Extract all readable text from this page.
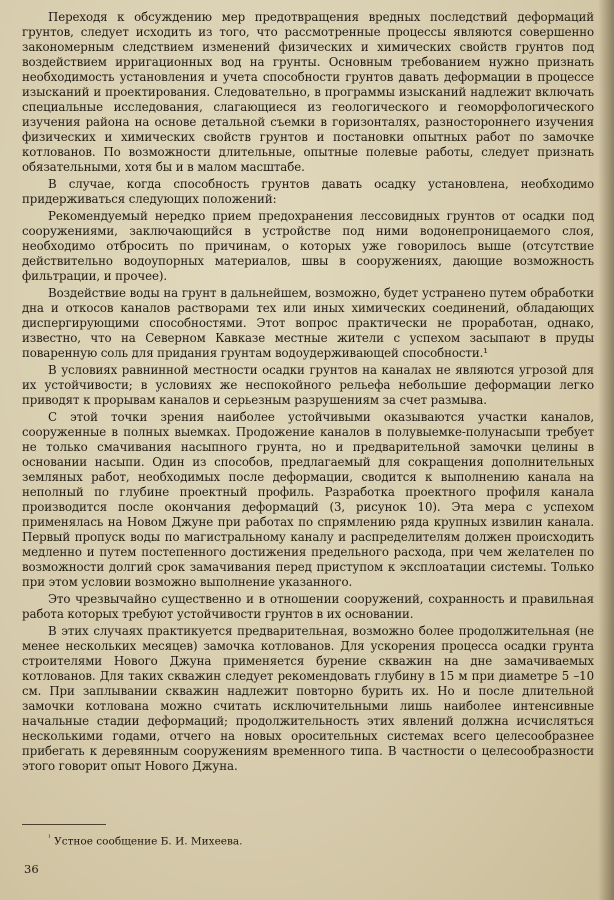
Переходя к обсуждению мер предотвращения вредных последствий деформаций грунтов, следует исходить из того, что рассмотренные процессы являются совершенно закономерным следствием изменений физических и химических свойств грунтов под воздействием ирригационных вод на грунты. Основным требованием нужно признать необходимость установления и учета способности грунтов давать деформации в процессе изысканий и проектирования. Следовательно, в программы изысканий надлежит включать специальные исследования, слагающиеся из геологического и геоморфологического изучения района на основе детальной съемки в горизонталях, разностороннего изучения физических и химических свойств грунтов и постановки опытных работ по замочке котлованов. По возможности длительные, опытные полевые работы, следует признать обязательными, хотя бы и в малом масштабе.

В случае, когда способность грунтов давать осадку установлена, необходимо придерживаться следующих положений:

Рекомендуемый нередко прием предохранения лессовидных грунтов от осадки под сооружениями, заключающийся в устройстве под ними водонепроницаемого слоя, необходимо отбросить по причинам, о которых уже говорилось выше (отсутствие действительно водоупорных материалов, швы в сооружениях, дающие возможность фильтрации, и прочее).

Воздействие воды на грунт в дальнейшем, возможно, будет устранено путем обработки дна и откосов каналов растворами тех или иных химических соединений, обладающих диспергирующими способностями. Этот вопрос практически не проработан, однако, известно, что на Северном Кавказе местные жители с успехом засыпают в пруды поваренную соль для придания грунтам водоудерживающей способности.¹

В условиях равнинной местности осадки грунтов на каналах не являются угрозой для их устойчивости; в условиях же неспокойного рельефа небольшие деформации легко приводят к прорывам каналов и серьезным разрушениям за счет размыва.

С этой точки зрения наиболее устойчивыми оказываются участки каналов, сооруженные в полных выемках. Продожение каналов в полувыемке-полунасыпи требует не только смачивания насыпного грунта, но и предварительной замочки целины в основании насыпи. Один из способов, предлагаемый для сокращения дополнительных земляных работ, необходимых после деформации, сводится к выполнению канала на неполный по глубине проектный профиль. Разработка проектного профиля канала производится после окончания деформаций (3, рисунок 10). Эта мера с успехом применялась на Новом Джуне при работах по спрямлению ряда крупных извилин канала. Первый пропуск воды по магистральному каналу и распределителям должен происходить медленно и путем постепенного достижения предельного расхода, при чем желателен по возможности долгий срок замачивания перед приступом к эксплоатации системы. Только при этом условии возможно выполнение указанного.

Это чрезвычайно существенно и в отношении сооружений, сохранность и правильная работа которых требуют устойчивости грунтов в их основании.

В этих случаях практикуется предварительная, возможно более продолжительная (не менее нескольких месяцев) замочка котлованов. Для ускорения процесса осадки грунта строителями Нового Джуна применяется бурение скважин на дне замачиваемых котлованов. Для таких скважин следует рекомендовать глубину в 15 м при диаметре 5 –10 см. При заплывании скважин надлежит повторно бурить их. Но и после длительной замочки котлована можно считать исключительными лишь наиболее интенсивные начальные стадии деформаций; продолжительность этих явлений должна исчисляться несколькими годами, отчего на новых оросительных системах всего целесообразнее прибегать к деревянным сооружениям временного типа. В частности о целесообразности этого говорит опыт Нового Джуна.

$^{^1}$ Устное сообщение Б. И. Михеева.

36
